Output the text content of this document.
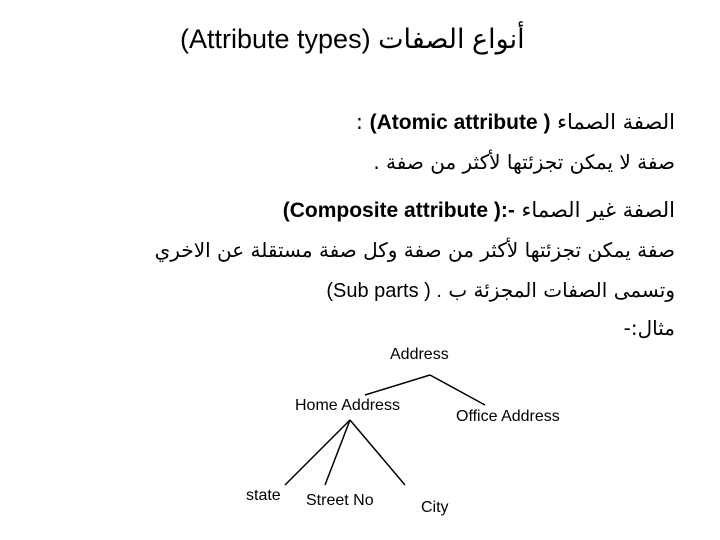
(Attribute types) أنواع الصفات
الصفة الصماء (Atomic attribute ) :
صفة لا يمكن تجزئتها لأكثر من صفة .
الصفة غير الصماء (Composite attribute ):-
صفة يمكن تجزئتها لأكثر من صفة وكل صفة مستقلة عن الاخري
وتسمى الصفات المجزئة ب (Sub parts ) .
مثال:-
Address
Home Address
Office Address
state Street No	City
